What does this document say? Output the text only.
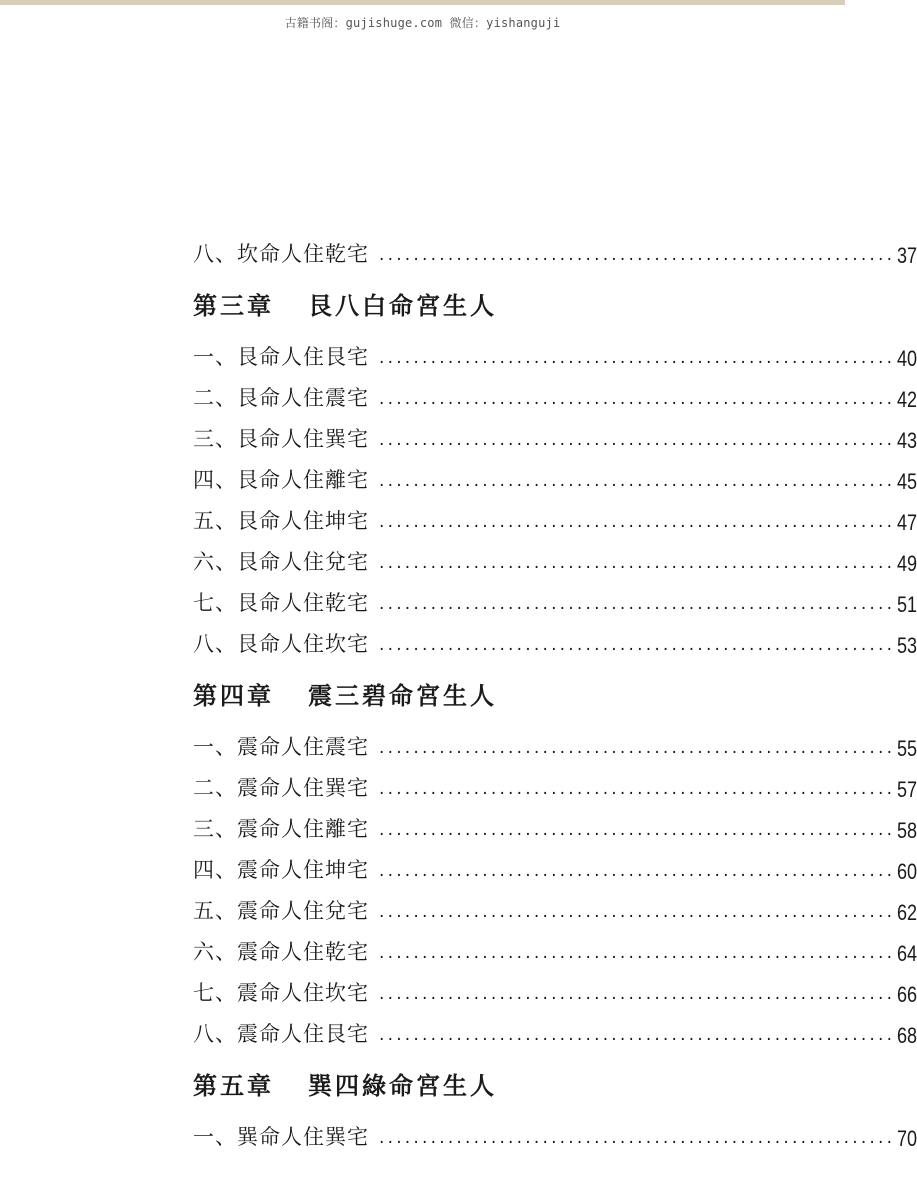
古籍书阁：gujishuge.com 微信：yishanguji
八、坎命人住乾宅 ............................................................ 37
第三章 艮八白命宮生人
一、艮命人住艮宅 ............................................................ 40
二、艮命人住震宅 ............................................................ 42
三、艮命人住巽宅 ............................................................ 43
四、艮命人住離宅 ............................................................ 45
五、艮命人住坤宅 ............................................................ 47
六、艮命人住兌宅 ............................................................ 49
七、艮命人住乾宅 ............................................................ 51
八、艮命人住坎宅 ............................................................ 53
第四章 震三碧命宮生人
一、震命人住震宅 ............................................................ 55
二、震命人住巽宅 ............................................................ 57
三、震命人住離宅 ............................................................ 58
四、震命人住坤宅 ............................................................ 60
五、震命人住兌宅 ............................................................ 62
六、震命人住乾宅 ............................................................ 64
七、震命人住坎宅 ............................................................ 66
八、震命人住艮宅 ............................................................ 68
第五章 巽四綠命宮生人
一、巽命人住巽宅 ............................................................ 70
